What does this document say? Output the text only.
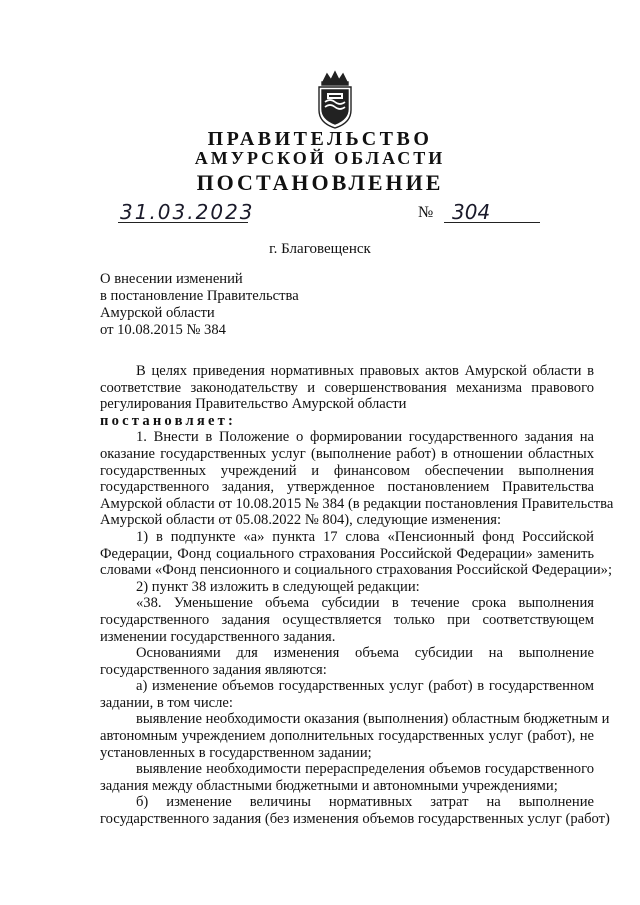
ПРАВИТЕЛЬСТВО
АМУРСКОЙ ОБЛАСТИ
ПОСТАНОВЛЕНИЕ
31.03.2023	№ 304
г. Благовещенск
О внесении изменений
в постановление Правительства
Амурской области
от 10.08.2015 № 384
В целях приведения нормативных правовых актов Амурской области в
соответствие законодательству и совершенствования механизма правового
регулирования Правительство Амурской области
постановляет:
1. Внести в Положение о формировании государственного задания на
оказание государственных услуг (выполнение работ) в отношении областных
государственных учреждений и финансовом обеспечении выполнения
государственного задания, утвержденное постановлением Правительства
Амурской области от 10.08.2015 № 384 (в редакции постановления Правительства
Амурской области от 05.08.2022 № 804), следующие изменения:
1) в подпункте «а» пункта 17 слова «Пенсионный фонд Российской
Федерации, Фонд социального страхования Российской Федерации» заменить
словами «Фонд пенсионного и социального страхования Российской Федерации»;
2) пункт 38 изложить в следующей редакции:
«38. Уменьшение объема субсидии в течение срока выполнения
государственного задания осуществляется только при соответствующем
изменении государственного задания.
Основаниями для изменения объема субсидии на выполнение
государственного задания являются:
а) изменение объемов государственных услуг (работ) в государственном
задании, в том числе:
выявление необходимости оказания (выполнения) областным бюджетным и
автономным учреждением дополнительных государственных услуг (работ), не
установленных в государственном задании;
выявление необходимости перераспределения объемов государственного
задания между областными бюджетными и автономными учреждениями;
б) изменение величины нормативных затрат на выполнение
государственного задания (без изменения объемов государственных услуг (работ)
